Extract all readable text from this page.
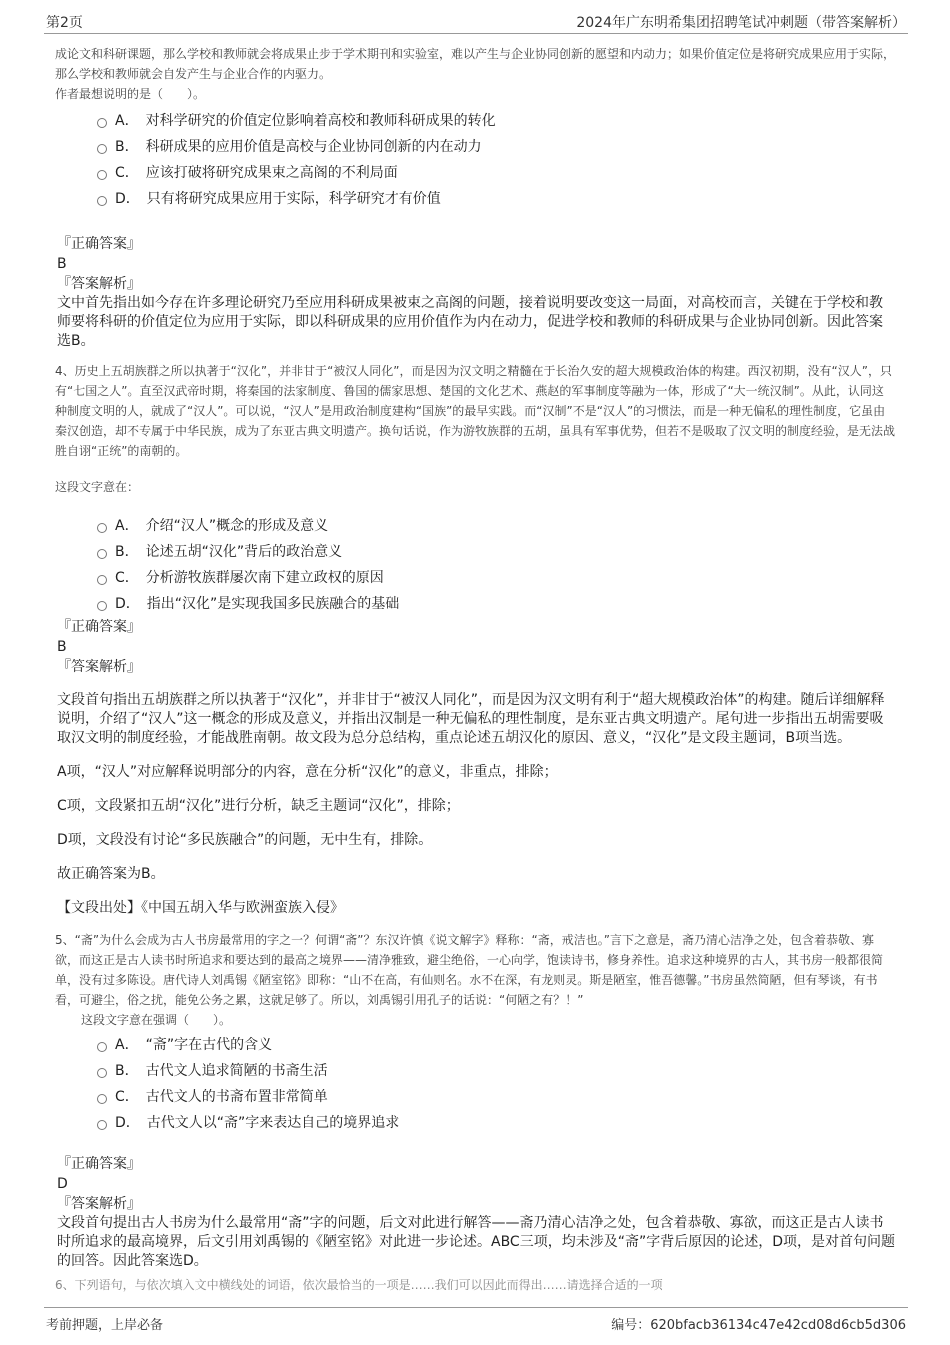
第2页	2024年广东明希集团招聘笔试冲刺题（带答案解析）

成论文和科研课题，那么学校和教师就会将成果止步于学术期刊和实验室，难以产生与企业协同创新的愿望和内动力；如果价值定位是将研究成果应用于实际，那么学校和教师就会自发产生与企业合作的内驱力。

作者最想说明的是（　　）。

A．　对科学研究的价值定位影响着高校和教师科研成果的转化
B．　科研成果的应用价值是高校与企业协同创新的内在动力
C．　应该打破将研究成果束之高阁的不利局面
D．　只有将研究成果应用于实际，科学研究才有价值

『正确答案』

B

『答案解析』

文中首先指出如今存在许多理论研究乃至应用科研成果被束之高阁的问题，接着说明要改变这一局面，对高校而言，关键在于学校和教师要将科研的价值定位为应用于实际，即以科研成果的应用价值作为内在动力，促进学校和教师的科研成果与企业协同创新。因此答案选B。

4、历史上五胡族群之所以执著于“汉化”，并非甘于“被汉人同化”，而是因为汉文明之精髓在于长治久安的超大规模政治体的构建。西汉初期，没有“汉人”，只有“七国之人”。直至汉武帝时期，将秦国的法家制度、鲁国的儒家思想、楚国的文化艺术、燕赵的军事制度等融为一体，形成了“大一统汉制”。从此，认同这种制度文明的人，就成了“汉人”。可以说，“汉人”是用政治制度建构“国族”的最早实践。而“汉制”不是“汉人”的习惯法，而是一种无偏私的理性制度，它虽由秦汉创造，却不专属于中华民族，成为了东亚古典文明遗产。换句话说，作为游牧族群的五胡，虽具有军事优势，但若不是吸取了汉文明的制度经验，是无法战胜自诩“正统”的南朝的。

这段文字意在：

A．　介绍“汉人”概念的形成及意义
B．　论述五胡“汉化”背后的政治意义
C．　分析游牧族群屡次南下建立政权的原因
D．　指出“汉化”是实现我国多民族融合的基础

『正确答案』

B

『答案解析』

文段首句指出五胡族群之所以执著于“汉化”，并非甘于“被汉人同化”，而是因为汉文明有利于“超大规模政治体”的构建。随后详细解释说明，介绍了“汉人”这一概念的形成及意义，并指出汉制是一种无偏私的理性制度，是东亚古典文明遗产。尾句进一步指出五胡需要吸取汉文明的制度经验，才能战胜南朝。故文段为总分总结构，重点论述五胡汉化的原因、意义，“汉化”是文段主题词，B项当选。

A项，“汉人”对应解释说明部分的内容，意在分析“汉化”的意义，非重点，排除；

C项，文段紧扣五胡“汉化”进行分析，缺乏主题词“汉化”，排除；

D项，文段没有讨论“多民族融合”的问题，无中生有，排除。

故正确答案为B。

【文段出处】《中国五胡入华与欧洲蛮族入侵》

5、“斋”为什么会成为古人书房最常用的字之一？何谓“斋”？东汉许慎《说文解字》释称：“斋，戒洁也。”言下之意是，斋乃清心洁净之处，包含着恭敬、寡欲，而这正是古人读书时所追求和要达到的最高之境界——清净雅致，避尘绝俗，一心向学，饱读诗书，修身养性。追求这种境界的古人，其书房一般都很简单，没有过多陈设。唐代诗人刘禹锡《陋室铭》即称：“山不在高，有仙则名。水不在深，有龙则灵。斯是陋室，惟吾德馨。”书房虽然简陋，但有琴谈，有书看，可避尘，俗之扰，能免公务之累，这就足够了。所以，刘禹锡引用孔子的话说：“何陋之有？！”

这段文字意在强调（　　）。

A．　“斋”字在古代的含义
B．　古代文人追求简陋的书斋生活
C．　古代文人的书斋布置非常简单
D．　古代文人以“斋”字来表达自己的境界追求

『正确答案』

D

『答案解析』

文段首句提出古人书房为什么最常用“斋”字的问题，后文对此进行解答——斋乃清心洁净之处，包含着恭敬、寡欲，而这正是古人读书时所追求的最高境界，后文引用刘禹锡的《陋室铭》对此进一步论述。ABC三项，均未涉及“斋”字背后原因的论述，D项，是对首句问题的回答。因此答案选D。

6、下列语句，与依次填入文中横线处的词语，依次最恰当的一项是……我们可以因此而得出……请选择合适的一项

考前押题，上岸必备	编号：620bfacb36134c47e42cd08d6cb5d306
